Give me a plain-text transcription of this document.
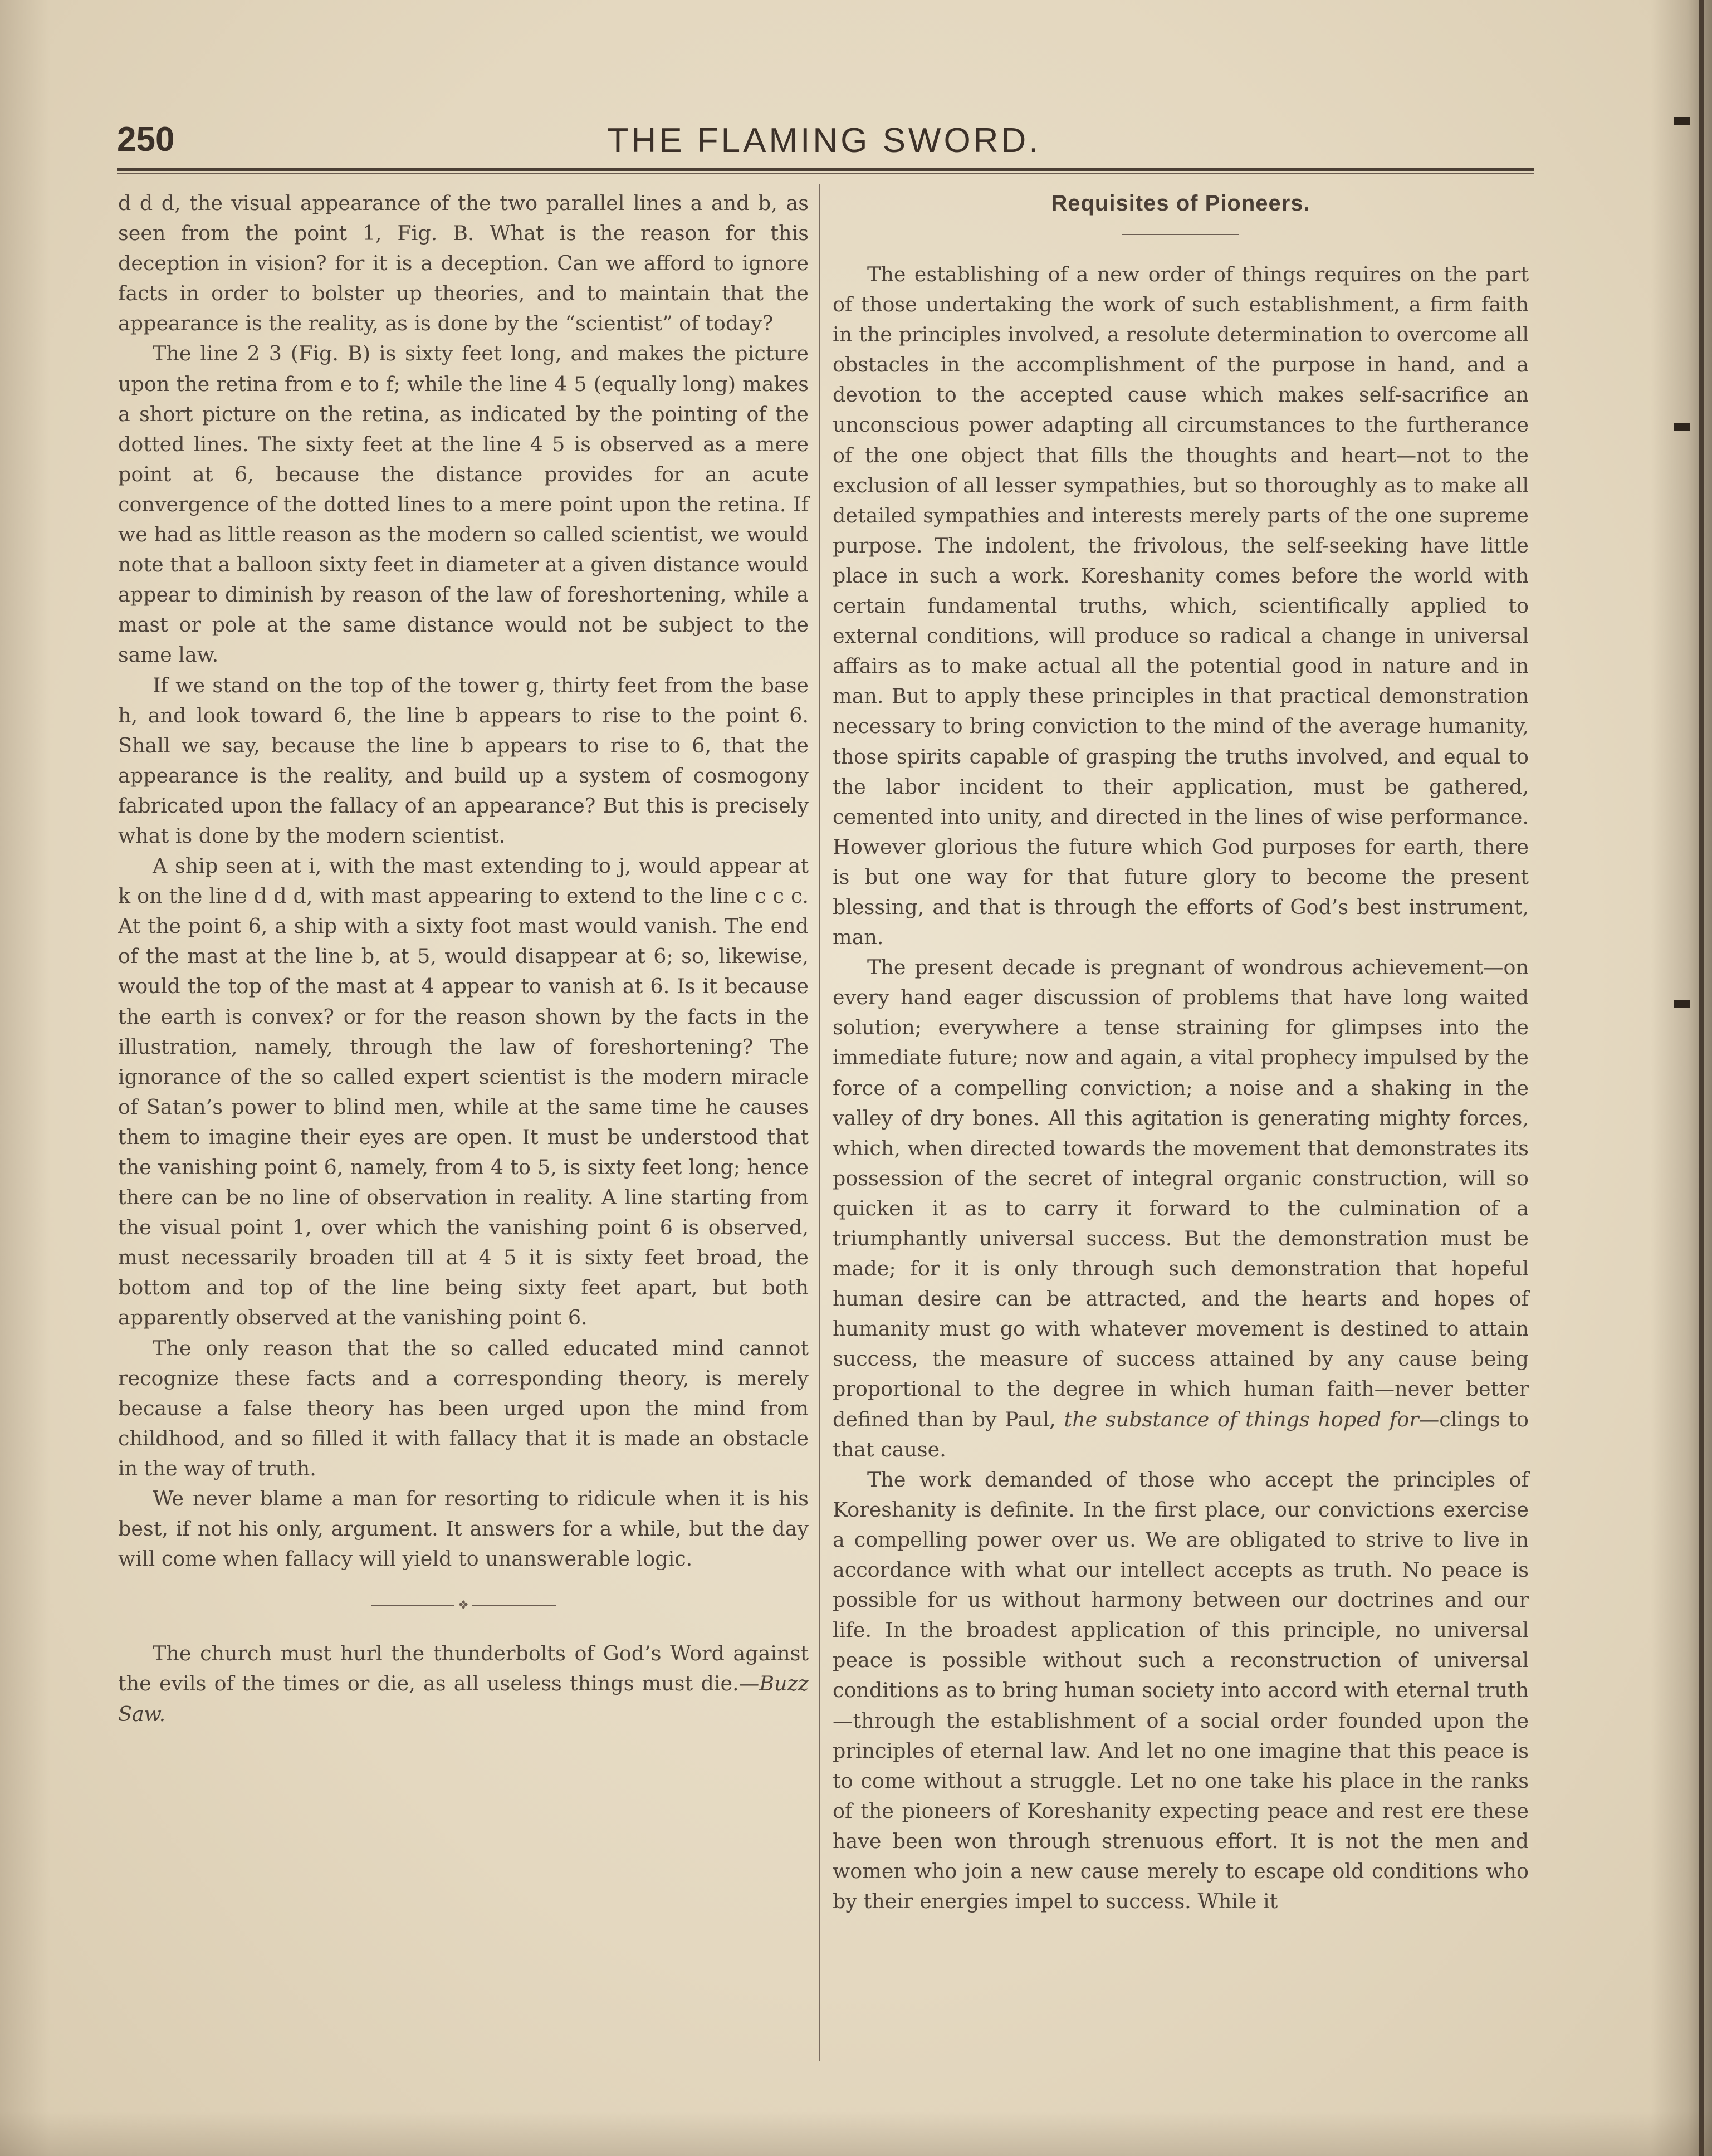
250	THE FLAMING SWORD.

d d d, the visual appearance of the two parallel lines a and b, as seen from the point 1, Fig. B. What is the reason for this deception in vision? for it is a deception. Can we afford to ignore facts in order to bolster up theories, and to maintain that the appearance is the reality, as is done by the “scientist” of today?

The line 2 3 (Fig. B) is sixty feet long, and makes the picture upon the retina from e to f; while the line 4 5 (equally long) makes a short picture on the retina, as indicated by the pointing of the dotted lines. The sixty feet at the line 4 5 is observed as a mere point at 6, because the distance provides for an acute convergence of the dotted lines to a mere point upon the retina. If we had as little reason as the modern so called scientist, we would note that a balloon sixty feet in diameter at a given distance would appear to diminish by reason of the law of foreshortening, while a mast or pole at the same distance would not be subject to the same law.

If we stand on the top of the tower g, thirty feet from the base h, and look toward 6, the line b appears to rise to the point 6. Shall we say, because the line b appears to rise to 6, that the appearance is the reality, and build up a system of cosmogony fabricated upon the fallacy of an appearance? But this is precisely what is done by the modern scientist.

A ship seen at i, with the mast extending to j, would appear at k on the line d d d, with mast appearing to extend to the line c c c. At the point 6, a ship with a sixty foot mast would vanish. The end of the mast at the line b, at 5, would disappear at 6; so, likewise, would the top of the mast at 4 appear to vanish at 6. Is it because the earth is convex? or for the reason shown by the facts in the illustration, namely, through the law of foreshortening? The ignorance of the so called expert scientist is the modern miracle of Satan’s power to blind men, while at the same time he causes them to imagine their eyes are open. It must be understood that the vanishing point 6, namely, from 4 to 5, is sixty feet long; hence there can be no line of observation in reality. A line starting from the visual point 1, over which the vanishing point 6 is observed, must necessarily broaden till at 4 5 it is sixty feet broad, the bottom and top of the line being sixty feet apart, but both apparently observed at the vanishing point 6.

The only reason that the so called educated mind cannot recognize these facts and a corresponding theory, is merely because a false theory has been urged upon the mind from childhood, and so filled it with fallacy that it is made an obstacle in the way of truth.

We never blame a man for resorting to ridicule when it is his best, if not his only, argument. It answers for a while, but the day will come when fallacy will yield to unanswerable logic.

❖

The church must hurl the thunderbolts of God’s Word against the evils of the times or die, as all useless things must die.—Buzz Saw.

Requisites of Pioneers.

The establishing of a new order of things requires on the part of those undertaking the work of such establishment, a firm faith in the principles involved, a resolute determination to overcome all obstacles in the accomplishment of the purpose in hand, and a devotion to the accepted cause which makes self-sacrifice an unconscious power adapting all circumstances to the furtherance of the one object that fills the thoughts and heart—not to the exclusion of all lesser sympathies, but so thoroughly as to make all detailed sympathies and interests merely parts of the one supreme purpose. The indolent, the frivolous, the self-seeking have little place in such a work. Koreshanity comes before the world with certain fundamental truths, which, scientifically applied to external conditions, will produce so radical a change in universal affairs as to make actual all the potential good in nature and in man. But to apply these principles in that practical demonstration necessary to bring conviction to the mind of the average humanity, those spirits capable of grasping the truths involved, and equal to the labor incident to their application, must be gathered, cemented into unity, and directed in the lines of wise performance. However glorious the future which God purposes for earth, there is but one way for that future glory to become the present blessing, and that is through the efforts of God’s best instrument, man.

The present decade is pregnant of wondrous achievement—on every hand eager discussion of problems that have long waited solution; everywhere a tense straining for glimpses into the immediate future; now and again, a vital prophecy impulsed by the force of a compelling conviction; a noise and a shaking in the valley of dry bones. All this agitation is generating mighty forces, which, when directed towards the movement that demonstrates its possession of the secret of integral organic construction, will so quicken it as to carry it forward to the culmination of a triumphantly universal success. But the demonstration must be made; for it is only through such demonstration that hopeful human desire can be attracted, and the hearts and hopes of humanity must go with whatever movement is destined to attain success, the measure of success attained by any cause being proportional to the degree in which human faith—never better defined than by Paul, the substance of things hoped for—clings to that cause.

The work demanded of those who accept the principles of Koreshanity is definite. In the first place, our convictions exercise a compelling power over us. We are obligated to strive to live in accordance with what our intellect accepts as truth. No peace is possible for us without harmony between our doctrines and our life. In the broadest application of this principle, no universal peace is possible without such a reconstruction of universal conditions as to bring human society into accord with eternal truth—through the establishment of a social order founded upon the principles of eternal law. And let no one imagine that this peace is to come without a struggle. Let no one take his place in the ranks of the pioneers of Koreshanity expecting peace and rest ere these have been won through strenuous effort. It is not the men and women who join a new cause merely to escape old conditions who by their energies impel to success. While it
